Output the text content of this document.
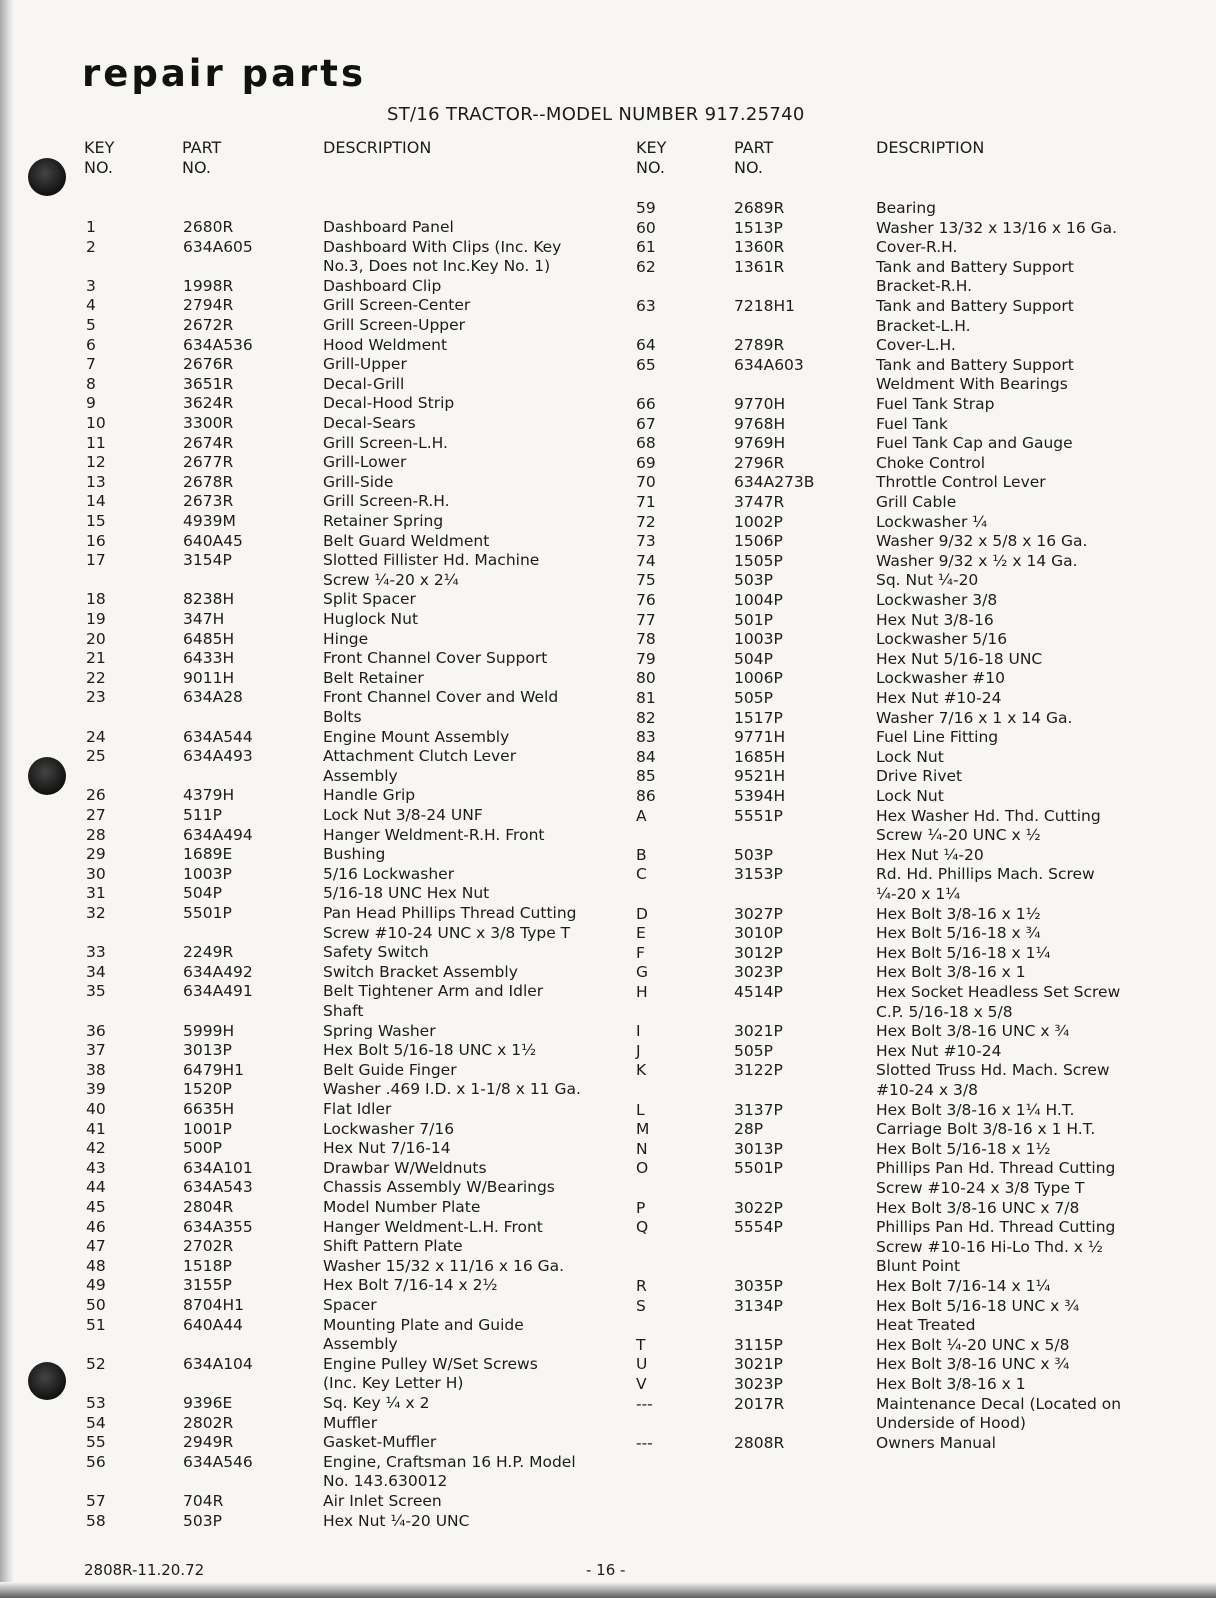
repair parts
ST/16 TRACTOR--MODEL NUMBER 917.25740
KEY
NO.
PART
NO.
DESCRIPTION	KEY
NO.
PART
NO.
DESCRIPTION
1	2680R	Dashboard Panel
2	634A605	Dashboard With Clips (Inc. Key
No.3, Does not Inc.Key No. 1)
3	1998R	Dashboard Clip
4	2794R	Grill Screen-Center
5	2672R	Grill Screen-Upper
6	634A536	Hood Weldment
7	2676R	Grill-Upper
8	3651R	Decal-Grill
9	3624R	Decal-Hood Strip
10	3300R	Decal-Sears
11	2674R	Grill Screen-L.H.
12	2677R	Grill-Lower
13	2678R	Grill-Side
14	2673R	Grill Screen-R.H.
15	4939M	Retainer Spring
16	640A45	Belt Guard Weldment
17	3154P	Slotted Fillister Hd. Machine
Screw ¼-20 x 2¼
18	8238H	Split Spacer
19	347H	Huglock Nut
20	6485H	Hinge
21	6433H	Front Channel Cover Support
22	9011H	Belt Retainer
23	634A28	Front Channel Cover and Weld
Bolts
24	634A544	Engine Mount Assembly
25	634A493	Attachment Clutch Lever
Assembly
26	4379H	Handle Grip
27	511P	Lock Nut 3/8-24 UNF
28	634A494	Hanger Weldment-R.H. Front
29	1689E	Bushing
30	1003P	5/16 Lockwasher
31	504P	5/16-18 UNC Hex Nut
32	5501P	Pan Head Phillips Thread Cutting
Screw #10-24 UNC x 3/8 Type T
33	2249R	Safety Switch
34	634A492	Switch Bracket Assembly
35	634A491	Belt Tightener Arm and Idler
Shaft
36	5999H	Spring Washer
37	3013P	Hex Bolt 5/16-18 UNC x 1½
38	6479H1	Belt Guide Finger
39	1520P	Washer .469 I.D. x 1-1/8 x 11 Ga.
40	6635H	Flat Idler
41	1001P	Lockwasher 7/16
42	500P	Hex Nut 7/16-14
43	634A101	Drawbar W/Weldnuts
44	634A543	Chassis Assembly W/Bearings
45	2804R	Model Number Plate
46	634A355	Hanger Weldment-L.H. Front
47	2702R	Shift Pattern Plate
48	1518P	Washer 15/32 x 11/16 x 16 Ga.
49	3155P	Hex Bolt 7/16-14 x 2½
50	8704H1	Spacer
51	640A44	Mounting Plate and Guide
Assembly
52	634A104	Engine Pulley W/Set Screws
(Inc. Key Letter H)
53	9396E	Sq. Key ¼ x 2
54	2802R	Muffler
55	2949R	Gasket-Muffler
56	634A546	Engine, Craftsman 16 H.P. Model
No. 143.630012
57	704R	Air Inlet Screen
58	503P	Hex Nut ¼-20 UNC
59	2689R	Bearing
60	1513P	Washer 13/32 x 13/16 x 16 Ga.
61	1360R	Cover-R.H.
62	1361R	Tank and Battery Support
Bracket-R.H.
63	7218H1	Tank and Battery Support
Bracket-L.H.
64	2789R	Cover-L.H.
65	634A603	Tank and Battery Support
Weldment With Bearings
66	9770H	Fuel Tank Strap
67	9768H	Fuel Tank
68	9769H	Fuel Tank Cap and Gauge
69	2796R	Choke Control
70	634A273B	Throttle Control Lever
71	3747R	Grill Cable
72	1002P	Lockwasher ¼
73	1506P	Washer 9/32 x 5/8 x 16 Ga.
74	1505P	Washer 9/32 x ½ x 14 Ga.
75	503P	Sq. Nut ¼-20
76	1004P	Lockwasher 3/8
77	501P	Hex Nut 3/8-16
78	1003P	Lockwasher 5/16
79	504P	Hex Nut 5/16-18 UNC
80	1006P	Lockwasher #10
81	505P	Hex Nut #10-24
82	1517P	Washer 7/16 x 1 x 14 Ga.
83	9771H	Fuel Line Fitting
84	1685H	Lock Nut
85	9521H	Drive Rivet
86	5394H	Lock Nut
A	5551P	Hex Washer Hd. Thd. Cutting
Screw ¼-20 UNC x ½
B	503P	Hex Nut ¼-20
C	3153P	Rd. Hd. Phillips Mach. Screw
¼-20 x 1¼
D	3027P	Hex Bolt 3/8-16 x 1½
E	3010P	Hex Bolt 5/16-18 x ¾
F	3012P	Hex Bolt 5/16-18 x 1¼
G	3023P	Hex Bolt 3/8-16 x 1
H	4514P	Hex Socket Headless Set Screw
C.P. 5/16-18 x 5/8
I	3021P	Hex Bolt 3/8-16 UNC x ¾
J	505P	Hex Nut #10-24
K	3122P	Slotted Truss Hd. Mach. Screw
#10-24 x 3/8
L	3137P	Hex Bolt 3/8-16 x 1¼ H.T.
M	28P	Carriage Bolt 3/8-16 x 1 H.T.
N	3013P	Hex Bolt 5/16-18 x 1½
O	5501P	Phillips Pan Hd. Thread Cutting
Screw #10-24 x 3/8 Type T
P	3022P	Hex Bolt 3/8-16 UNC x 7/8
Q	5554P	Phillips Pan Hd. Thread Cutting
Screw #10-16 Hi-Lo Thd. x ½
Blunt Point
R	3035P	Hex Bolt 7/16-14 x 1¼
S	3134P	Hex Bolt 5/16-18 UNC x ¾
Heat Treated
T	3115P	Hex Bolt ¼-20 UNC x 5/8
U	3021P	Hex Bolt 3/8-16 UNC x ¾
V	3023P	Hex Bolt 3/8-16 x 1
---	2017R	Maintenance Decal (Located on
Underside of Hood)
---	2808R	Owners Manual
2808R-11.20.72	- 16 -
